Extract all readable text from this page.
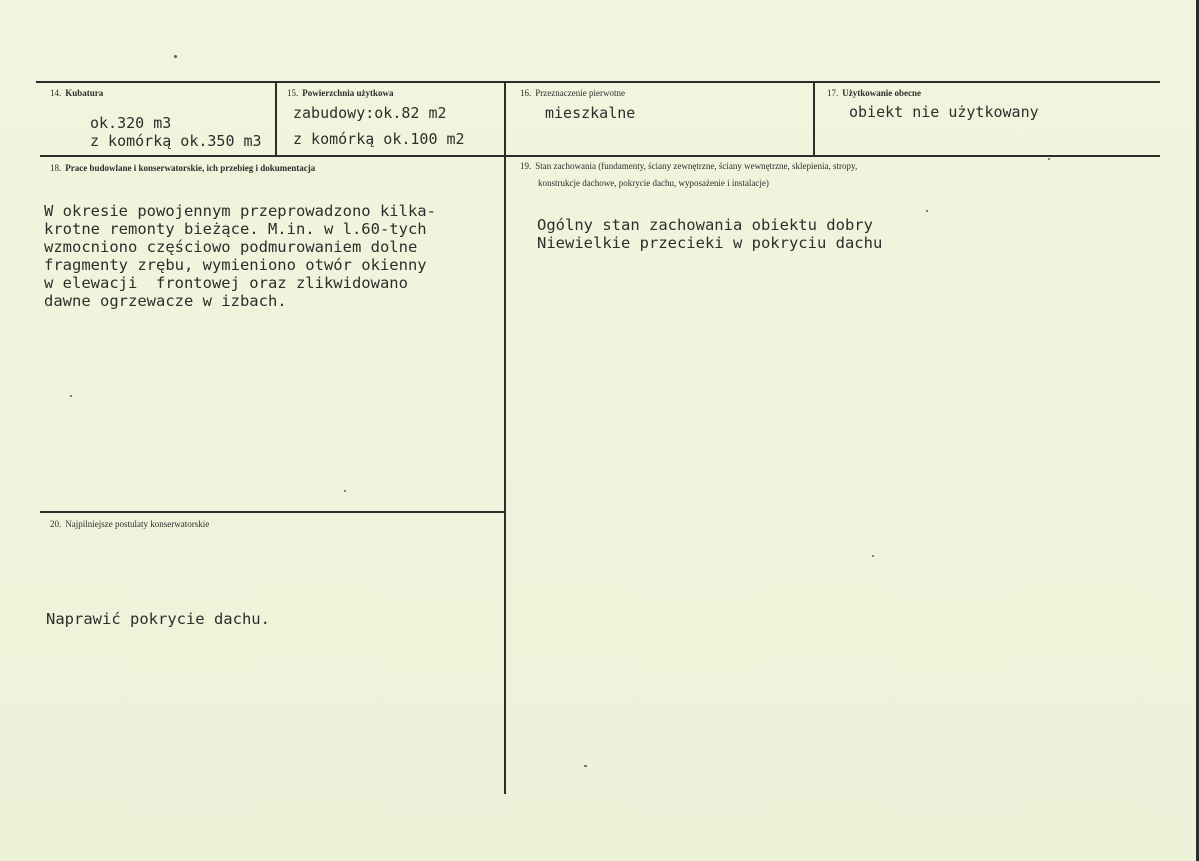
14. Kubatura
ok.320 m3
z komórką ok.350 m3
15. Powierzchnia użytkowa
zabudowy:ok.82 m2
z komórką ok.100 m2
16. Przeznaczenie pierwotne
mieszkalne
17. Użytkowanie obecne
obiekt nie użytkowany
18. Prace budowlane i konserwatorskie, ich przebieg i dokumentacja
W okresie powojennym przeprowadzono kilka-
krotne remonty bieżące. M.in. w l.60-tych
wzmocniono częściowo podmurowaniem dolne
fragmenty zrębu, wymieniono otwór okienny
w elewacji  frontowej oraz zlikwidowano
dawne ogrzewacze w izbach.
19. Stan zachowania (fundamenty, ściany zewnętrzne, ściany wewnętrzne, sklepienia, stropy,
konstrukcje dachowe, pokrycie dachu, wyposażenie i instalacje)
Ogólny stan zachowania obiektu dobry
Niewielkie przecieki w pokryciu dachu
20. Najpilniejsze postulaty konserwatorskie
Naprawić pokrycie dachu.
